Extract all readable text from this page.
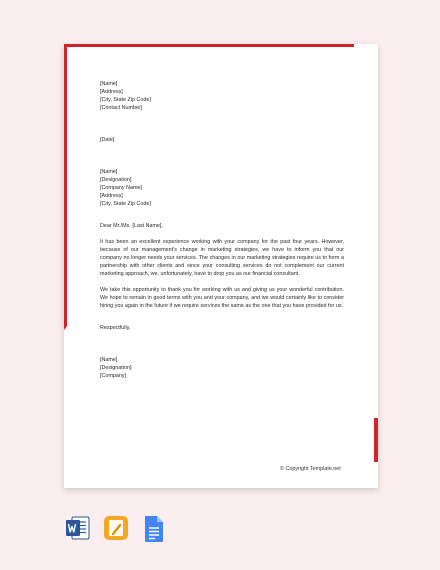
[Name]
[Address]
[City, State Zip Code]
[Contact Number]
[Date]
[Name]
[Designation]
[Company Name]
[Address]
[City, State Zip Code]
Dear Mr./Ms. [Last Name],
It has been an excellent experience working with your company for the past four years. However, because of our management's change in marketing strategies, we have to inform you that our company no longer needs your services. The changes in our marketing strategies require us to form a partnership with other clients and since your consulting services do not complement our current marketing approach, we, unfortunately, have to drop you as our financial consultant.
We take this opportunity to thank you for working with us and giving us your wonderful contribution. We hope to remain in good terms with you and your company, and we would certainly like to consider hiring you again in the future if we require services the same as the one that you have provided for us.
Respectfully,
[Name]
[Designation]
[Company]
© Copyright Template.net
